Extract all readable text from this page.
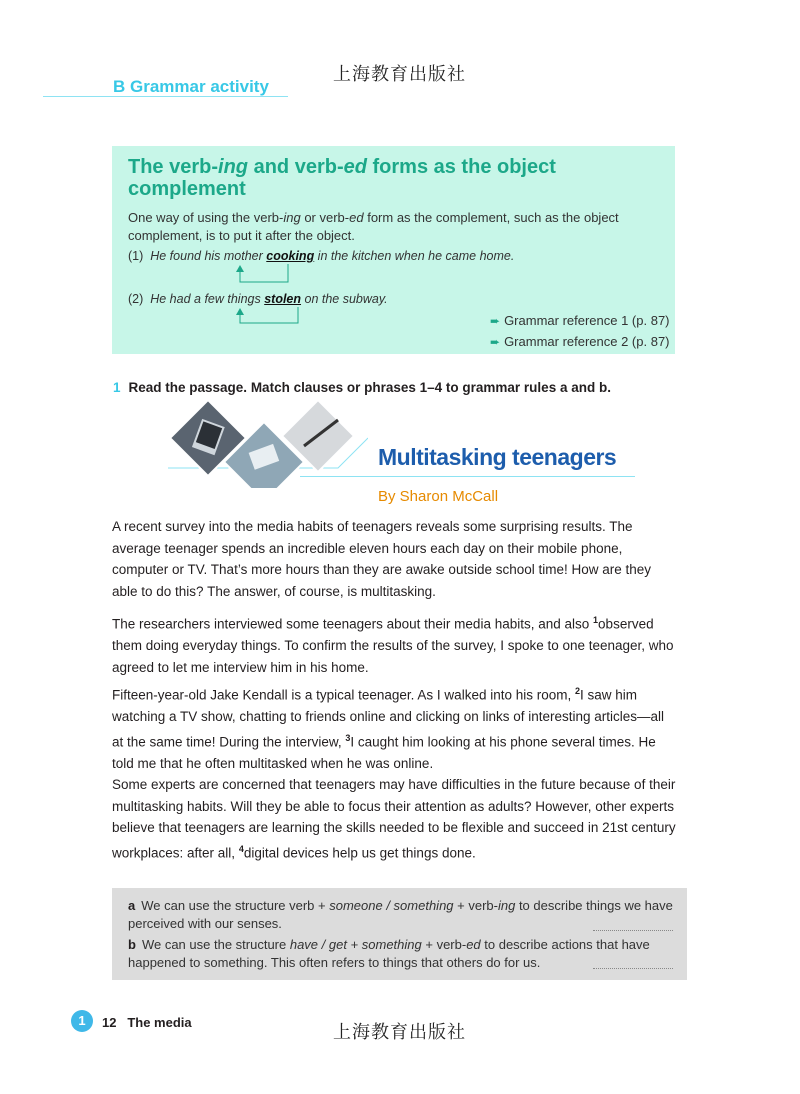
上海教育出版社
B Grammar activity
The verb-ing and verb-ed forms as the object complement
One way of using the verb-ing or verb-ed form as the complement, such as the object complement, is to put it after the object.
(1) He found his mother cooking in the kitchen when he came home.
(2) He had a few things stolen on the subway.
➨ Grammar reference 1 (p. 87)
➨ Grammar reference 2 (p. 87)
1 Read the passage. Match clauses or phrases 1–4 to grammar rules a and b.
Multitasking teenagers
By Sharon McCall
A recent survey into the media habits of teenagers reveals some surprising results. The average teenager spends an incredible eleven hours each day on their mobile phone, computer or TV. That’s more hours than they are awake outside school time! How are they able to do this? The answer, of course, is multitasking.
The researchers interviewed some teenagers about their media habits, and also $^1$observed them doing everyday things. To confirm the results of the survey, I spoke to one teenager, who agreed to let me interview him in his home.
Fifteen-year-old Jake Kendall is a typical teenager. As I walked into his room, $^2$I saw him watching a TV show, chatting to friends online and clicking on links of interesting articles—all at the same time! During the interview, $^3$I caught him looking at his phone several times. He told me that he often multitasked when he was online.
Some experts are concerned that teenagers may have difficulties in the future because of their multitasking habits. Will they be able to focus their attention as adults? However, other experts believe that teenagers are learning the skills needed to be flexible and succeed in 21st century workplaces: after all, $^4$digital devices help us get things done.
a We can use the structure verb + someone / something + verb-ing to describe things we have perceived with our senses.
b We can use the structure have / get + something + verb-ed to describe actions that have happened to something. This often refers to things that others do for us.
1	12 The media	上海教育出版社
